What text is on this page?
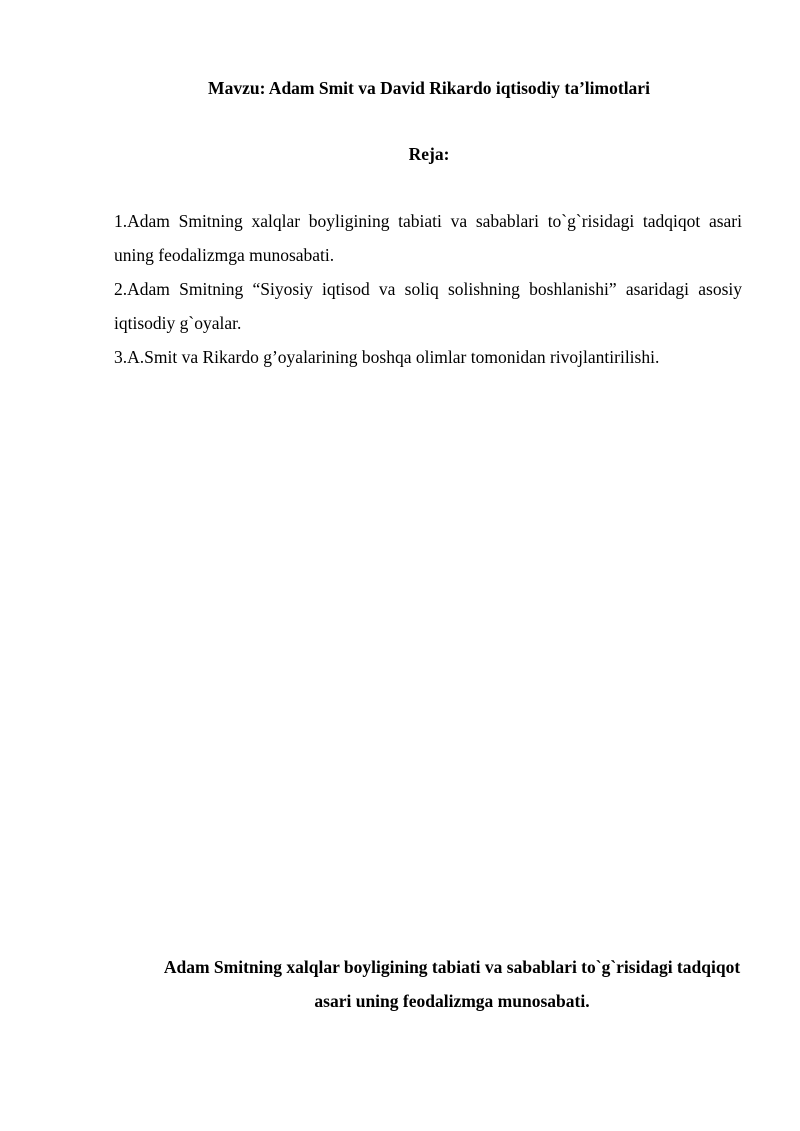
Mavzu: Adam Smit va David Rikardo iqtisodiy ta’limotlari
Reja:
1.Adam Smitning xalqlar boyligining tabiati va sabablari to`g`risidagi tadqiqot asari uning feodalizmga munosabati.
2.Adam Smitning “Siyosiy iqtisod va soliq solishning boshlanishi” asaridagi asosiy iqtisodiy g`oyalar.
3.A.Smit va Rikardo g’oyalarining boshqa olimlar tomonidan rivojlantirilishi.
Adam Smitning xalqlar boyligining tabiati va sabablari to`g`risidagi tadqiqot asari uning feodalizmga munosabati.
